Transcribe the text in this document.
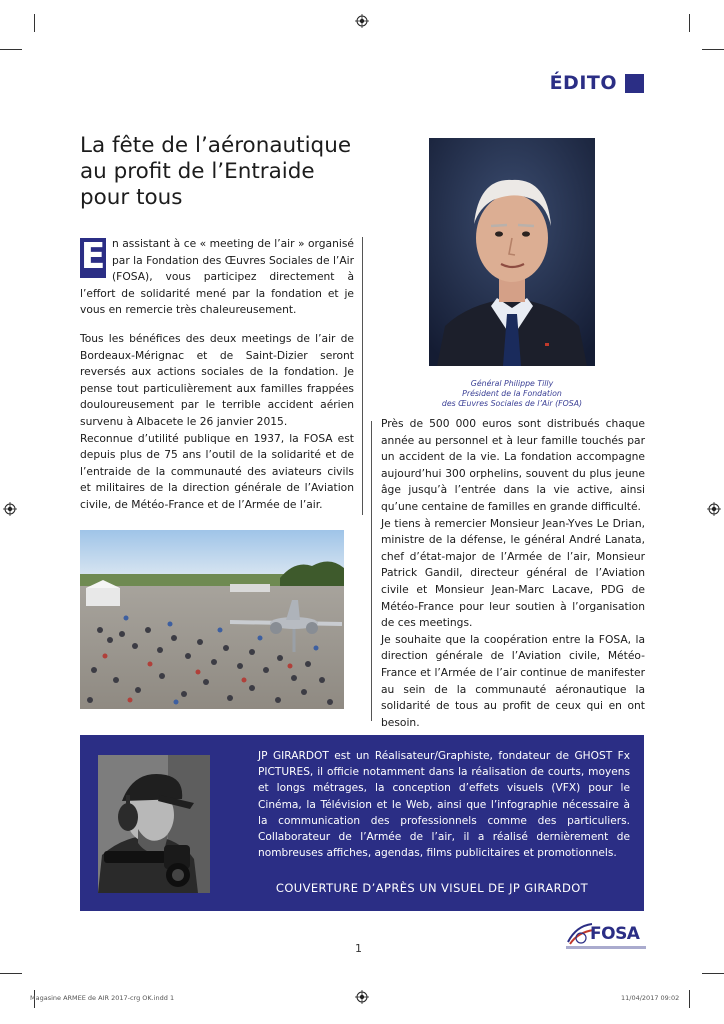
ÉDITO
La fête de l’aéronautique
au profit de l’Entraide
pour tous

E n assistant à ce « meeting de l’air » organisé par la Fondation des Œuvres Sociales de l’Air (FOSA), vous participez directement à l’effort de solidarité mené par la fondation et je vous en remercie très chaleureusement.

Tous les bénéfices des deux meetings de l’air de Bordeaux-Mérignac et de Saint-Dizier seront reversés aux actions sociales de la fondation. Je pense tout particulièrement aux familles frappées douloureusement par le terrible accident aérien survenu à Albacete le 26 janvier 2015.

Reconnue d’utilité publique en 1937, la FOSA est depuis plus de 75 ans l’outil de la solidarité et de l’entraide de la communauté des aviateurs civils et militaires de la direction générale de l’Aviation civile, de Météo-France et de l’Armée de l’air.

Général Philippe Tilly
Président de la Fondation
des Œuvres Sociales de l’Air (FOSA)

Près de 500 000 euros sont distribués chaque année au personnel et à leur famille touchés par un accident de la vie. La fondation accompagne aujourd’hui 300 orphelins, souvent du plus jeune âge jusqu’à l’entrée dans la vie active, ainsi qu’une centaine de familles en grande difficulté.

Je tiens à remercier Monsieur Jean-Yves Le Drian, ministre de la défense, le général André Lanata, chef d’état-major de l’Armée de l’air, Monsieur Patrick Gandil, directeur général de l’Aviation civile et Monsieur Jean-Marc Lacave, PDG de Météo-France pour leur soutien à l’organisation de ces meetings.

Je souhaite que la coopération entre la FOSA, la direction générale de l’Aviation civile, Météo-France et l’Armée de l’air continue de manifester au sein de la communauté aéronautique la solidarité de tous au profit de ceux qui en ont besoin.

JP GIRARDOT est un Réalisateur/Graphiste, fondateur de GHOST Fx PICTURES, il officie notamment dans la réalisation de courts, moyens et longs métrages, la conception d’effets visuels (VFX) pour le Cinéma, la Télévision et le Web, ainsi que l’infographie nécessaire à la communication des professionnels comme des particuliers. Collaborateur de l’Armée de l’air, il a réalisé dernièrement de nombreuses affiches, agendas, films publicitaires et promotionnels.
COUVERTURE D’APRÈS UN VISUEL DE JP GIRARDOT
1
FOSA
Magasine ARMEE de AIR 2017-crg OK.indd 1	11/04/2017 09:02
